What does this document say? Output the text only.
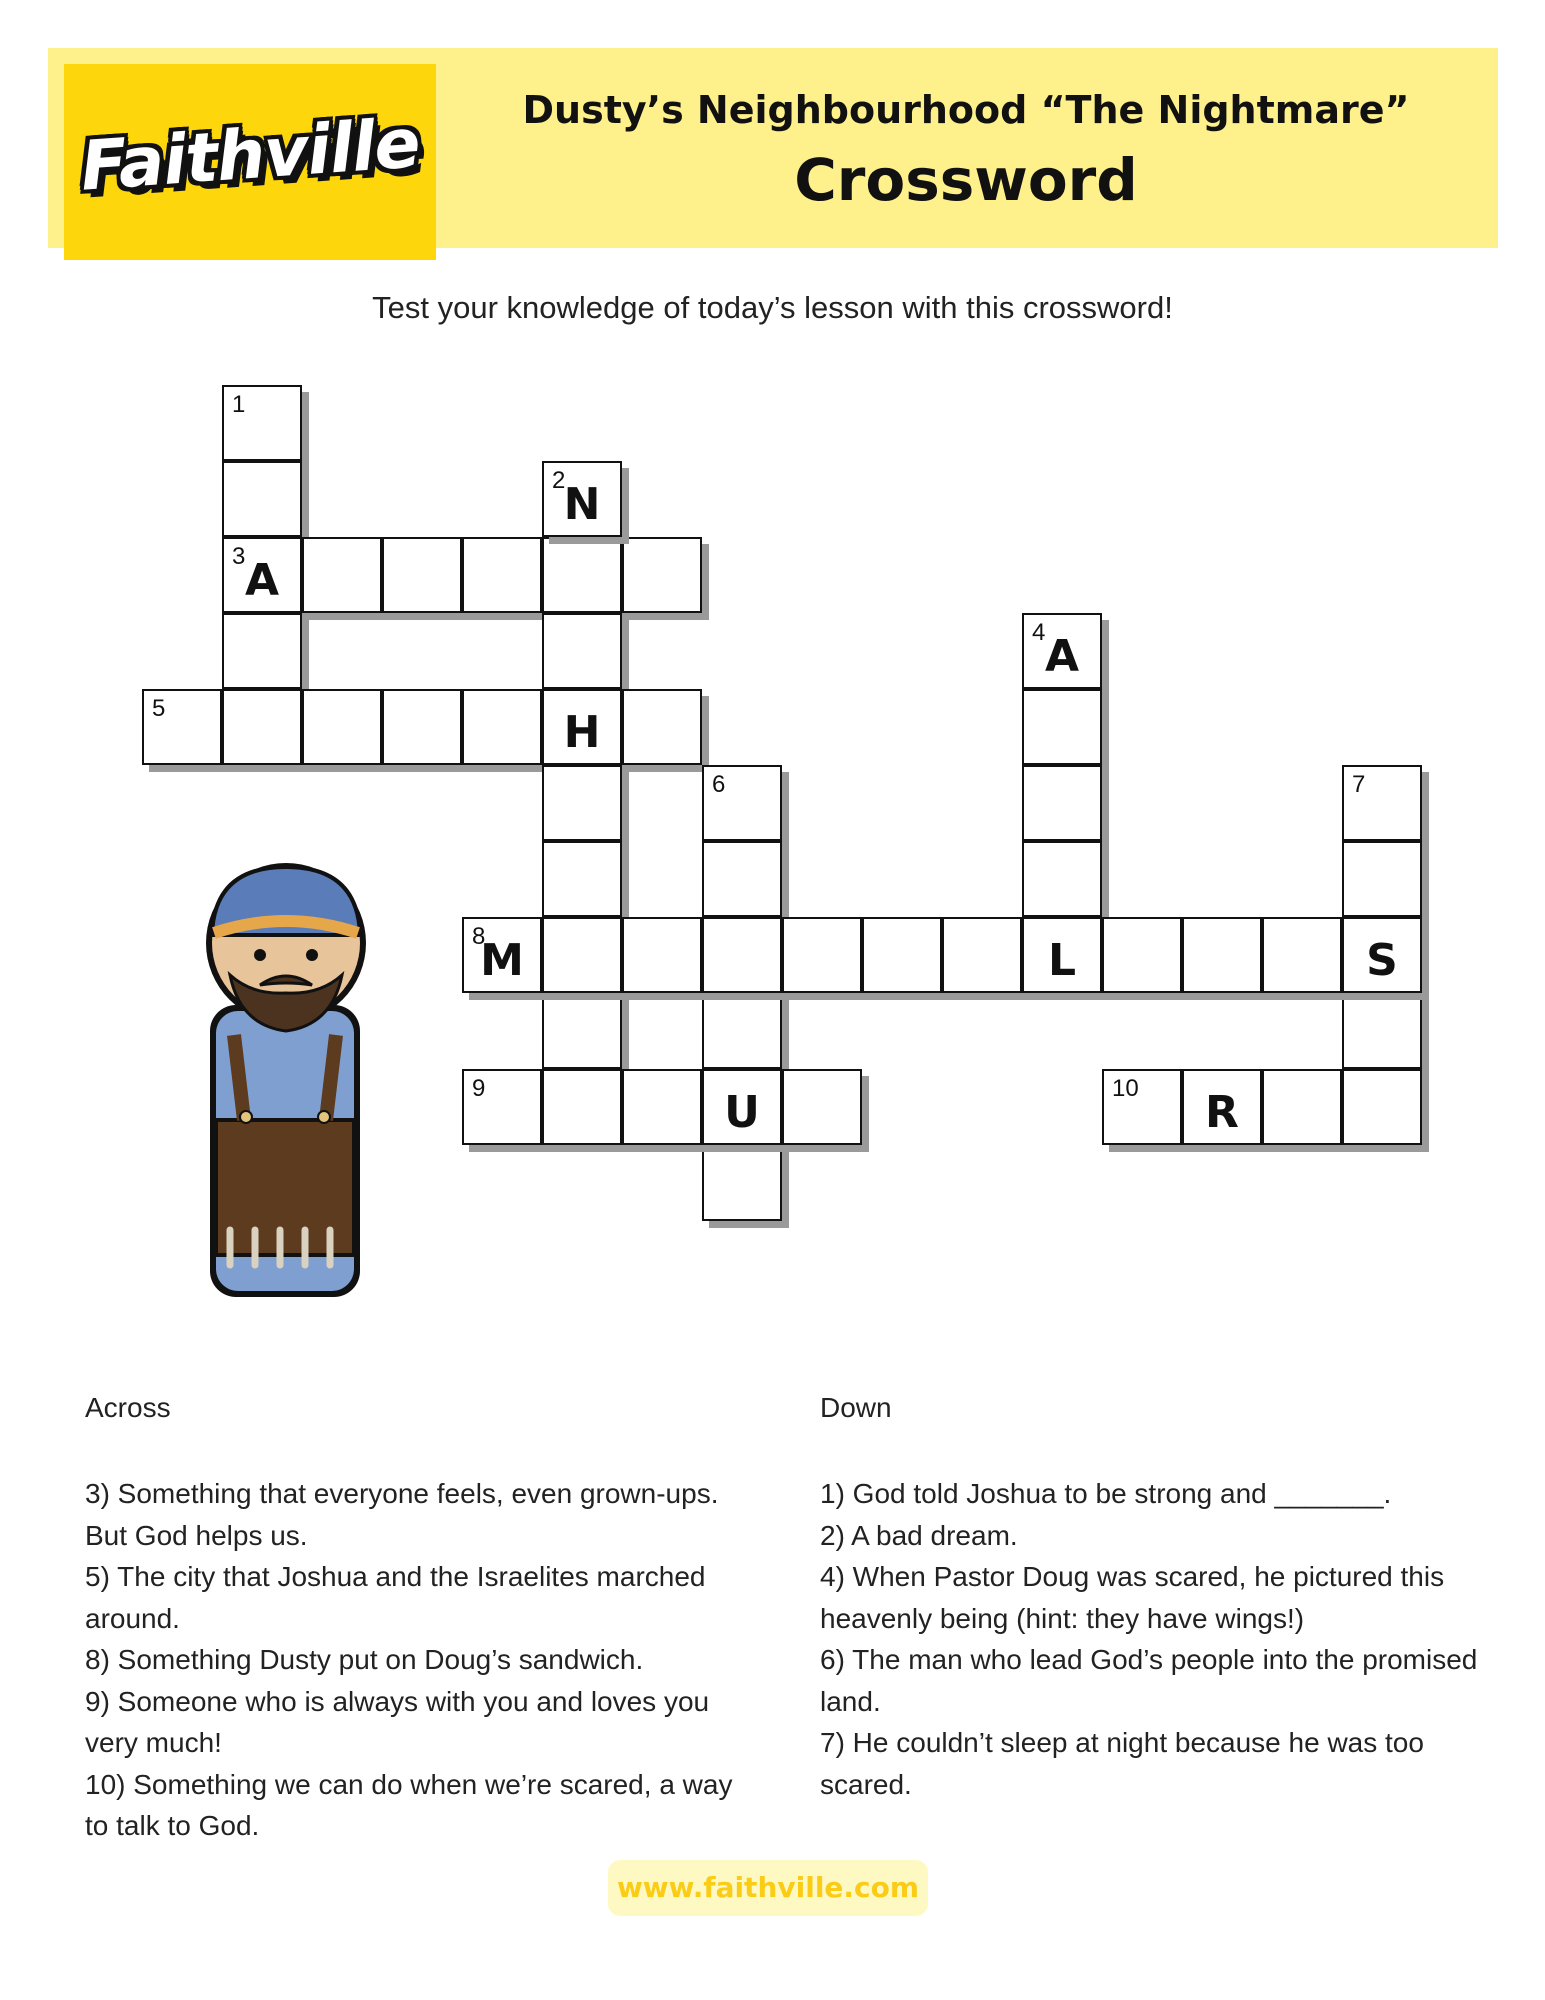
Faithville	Dusty’s Neighbourhood “The Nightmare”
Crossword
Test your knowledge of today’s lesson with this crossword!
1
3 A
2
N
5	H
6
4 A
7
8
M	L	S
9	U	10	R
Across

3) Something that everyone feels, even grown-ups. But God helps us.

5) The city that Joshua and the Israelites marched around.

8) Something Dusty put on Doug’s sandwich.

9) Someone who is always with you and loves you very much!

10) Something we can do when we’re scared, a way to talk to God.

Down

1) God told Joshua to be strong and _______.

2) A bad dream.

4) When Pastor Doug was scared, he pictured this heavenly being (hint: they have wings!)

6) The man who lead God’s people into the promised land.

7) He couldn’t sleep at night because he was too scared.

www.faithville.com
